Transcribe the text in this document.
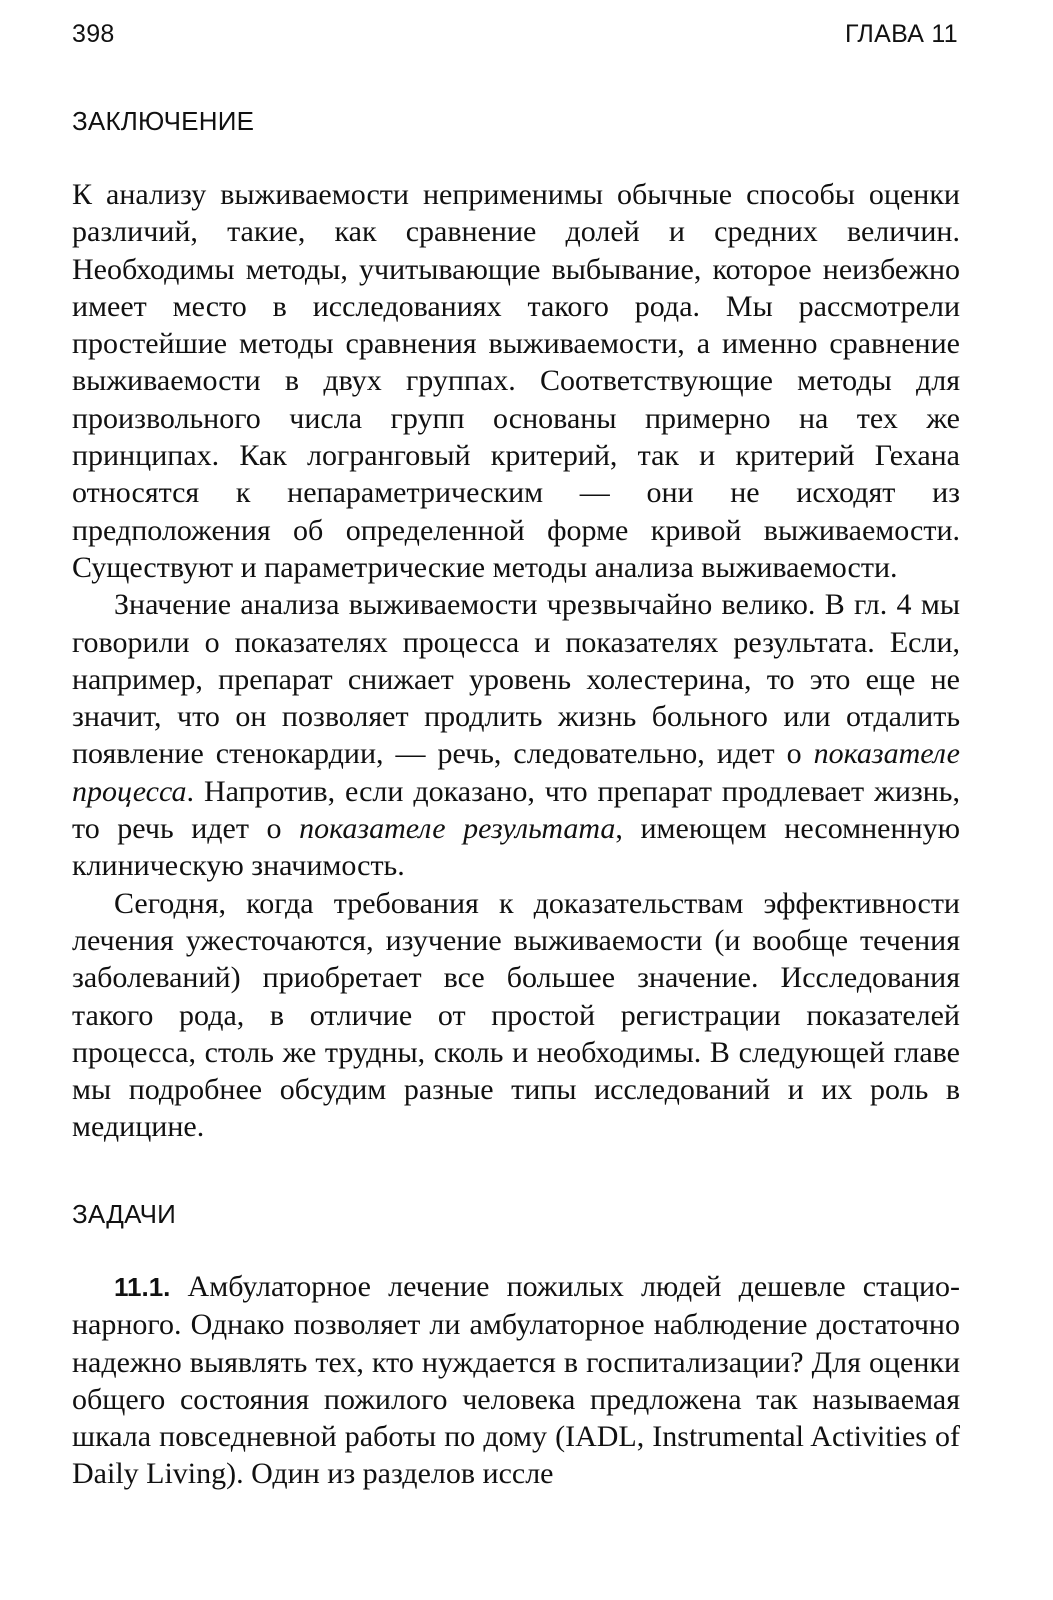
398	ГЛАВА 11
ЗАКЛЮЧЕНИЕ

К анализу выживаемости неприменимы обычные способы оценки различий, такие, как сравнение долей и средних величин. Необходимы методы, учитывающие выбывание, которое неизбежно имеет место в исследованиях такого рода. Мы рассмотрели простейшие методы сравнения выживаемости, а именно сравнение выживаемости в двух группах. Соответствующие методы для произвольного числа групп основаны примерно на тех же принципах. Как логранговый критерий, так и критерий Гехана относятся к непараметрическим — они не исходят из предположения об определенной форме кривой выживаемости. Существуют и параметрические методы анализа выживаемости.

Значение анализа выживаемости чрезвычайно велико. В гл. 4 мы говорили о показателях процесса и показателях результата. Если, например, препарат снижает уровень холестерина, то это еще не значит, что он позволяет продлить жизнь больного или отдалить появление стенокардии, — речь, следовательно, идет о показателе процесса. Напротив, если доказано, что препарат продлевает жизнь, то речь идет о показателе результата, имеющем несомненную клиническую значимость.

Сегодня, когда требования к доказательствам эффективности лечения ужесточаются, изучение выживаемости (и вообще течения заболеваний) приобретает все большее значение. Исследования такого рода, в отличие от простой регистрации показателей процесса, столь же трудны, сколь и необходимы. В следующей главе мы подробнее обсудим разные типы исследований и их роль в медицине.

ЗАДАЧИ

11.1. Амбулаторное лечение пожилых людей дешевле стационарного. Однако позволяет ли амбулаторное наблюдение достаточно надежно выявлять тех, кто нуждается в госпитализации? Для оценки общего состояния пожилого человека предложена так называемая шкала повседневной работы по дому (IADL, Instrumental Activities of Daily Living). Один из разделов иссле
